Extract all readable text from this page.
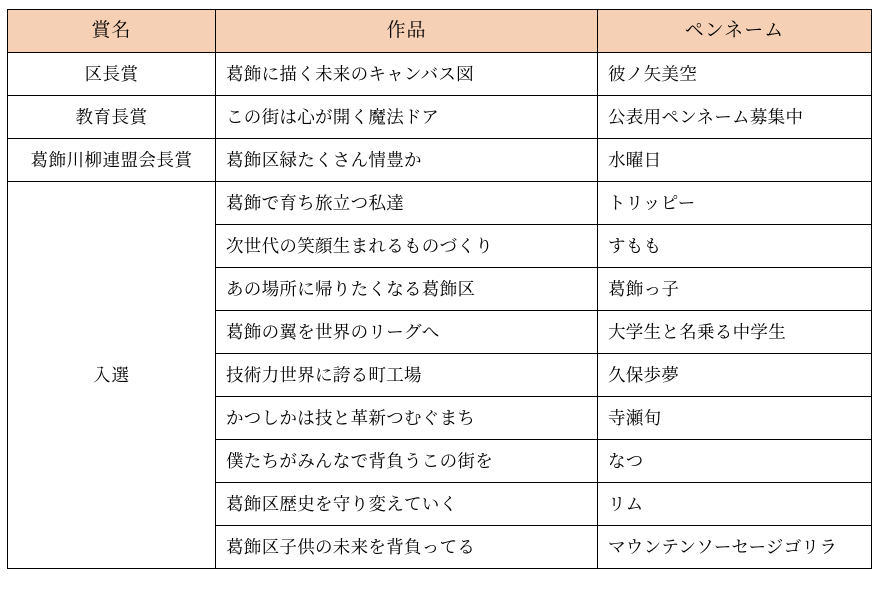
賞名	作品	ペンネーム
区長賞	葛飾に描く未来のキャンバス図	彼ノ矢美空
教育長賞	この街は心が開く魔法ドア	公表用ペンネーム募集中
葛飾川柳連盟会長賞	葛飾区緑たくさん情豊か	水曜日
入選	葛飾で育ち旅立つ私達	トリッピー
	次世代の笑顔生まれるものづくり	すもも
	あの場所に帰りたくなる葛飾区	葛飾っ子
	葛飾の翼を世界のリーグへ	大学生と名乗る中学生
	技術力世界に誇る町工場	久保歩夢
	かつしかは技と革新つむぐまち	寺瀬旬
	僕たちがみんなで背負うこの街を	なつ
	葛飾区歴史を守り変えていく	リム
	葛飾区子供の未来を背負ってる	マウンテンソーセージゴリラ
